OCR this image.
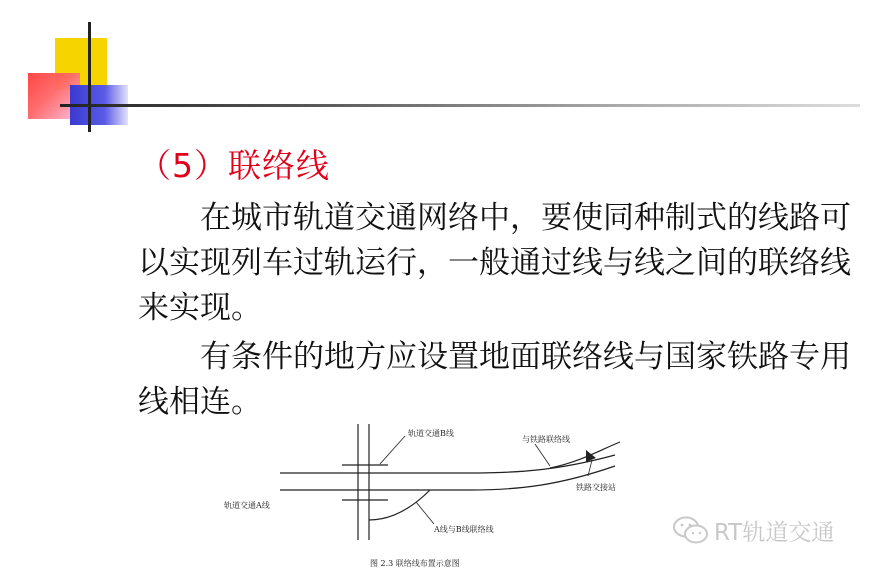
（5）联络线

在城市轨道交通网络中，要使同种制式的线路可以实现列车过轨运行，一般通过线与线之间的联络线来实现。

有条件的地方应设置地面联络线与国家铁路专用线相连。

轨道交通B线
与铁路联络线
铁路交接站
轨道交通A线
A线与B线联络线
图 2.3 联络线布置示意图
RT轨道交通
